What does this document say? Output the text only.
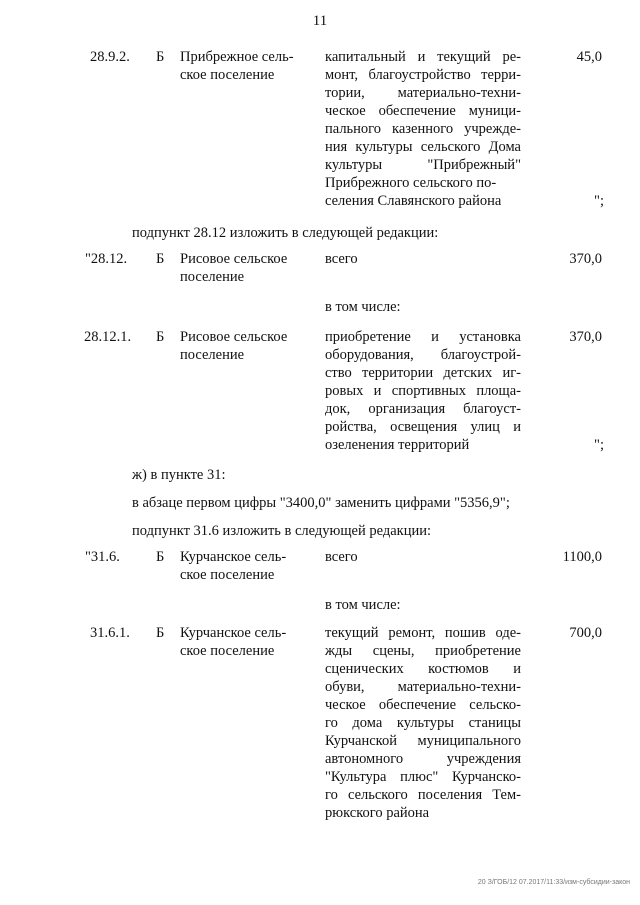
11
28.9.2. Б Прибрежное сель-
ское поселение
капитальный и текущий ре-
монт, благоустройство терри-
тории, материально-техни-
ческое обеспечение муници-
пального казенного учрежде-
ния культуры сельского Дома
культуры "Прибрежный"

Прибрежного сельского по-
селения Славянского района
45,0
";
подпункт 28.12 изложить в следующей редакции:
"28.12. Б Рисовое сельское
поселение
всего	370,0
в том числе:
28.12.1. Б Рисовое сельское
поселение
приобретение и установка
оборудования, благоустрой-
ство территории детских иг-
ровых и спортивных площа-
док, организация благоуст-
ройства, освещения улиц и

озеленения территорий
370,0
";
ж) в пункте 31:
в абзаце первом цифры "3400,0" заменить цифрами "5356,9";
подпункт 31.6 изложить в следующей редакции:
"31.6. Б Курчанское сель-
ское поселение
всего	1100,0
в том числе:
31.6.1. Б Курчанское сель-
ское поселение
текущий ремонт, пошив оде-
жды сцены, приобретение
сценических костюмов и
обуви, материально-техни-
ческое обеспечение сельско-
го дома культуры станицы
Курчанской муниципального
автономного учреждения
"Культура плюс" Курчанско-
го сельского поселения Тем-

рюкского района
700,0
20 З/ГОБ/12 07.2017/11:33/изм-субсидии-закон
